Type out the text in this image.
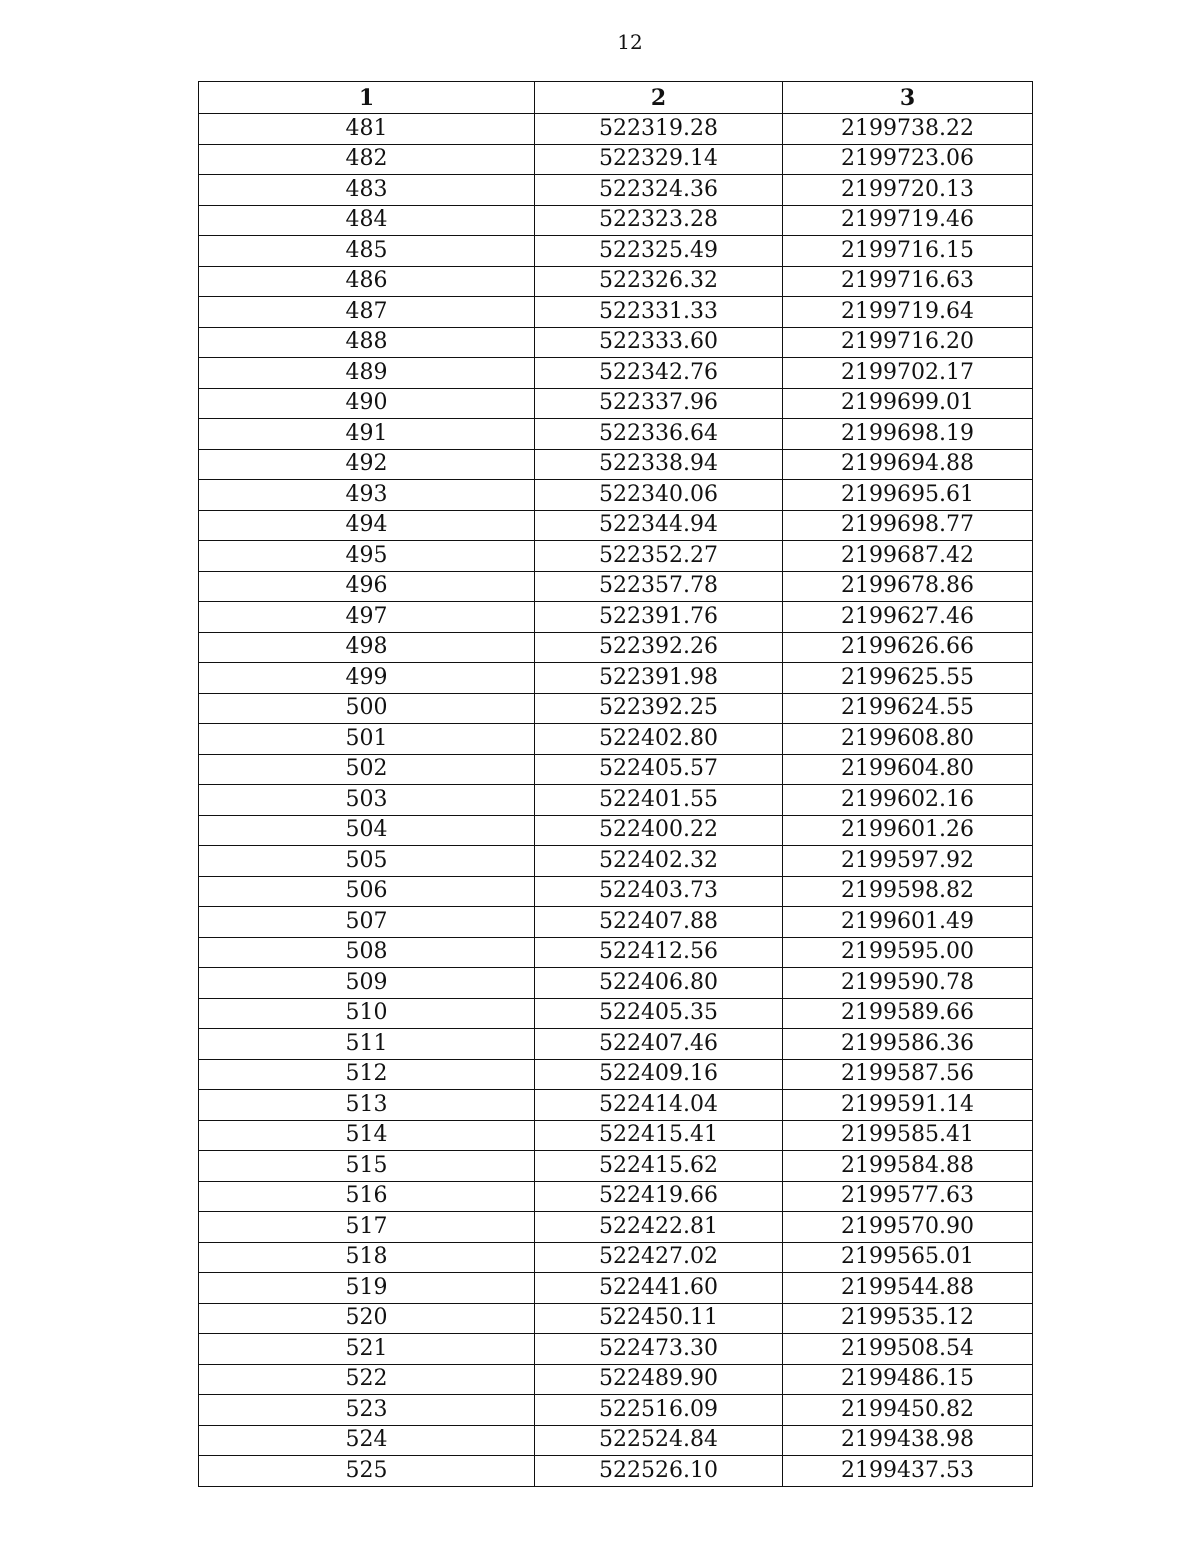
12
1	2	3
481	522319.28	2199738.22
482	522329.14	2199723.06
483	522324.36	2199720.13
484	522323.28	2199719.46
485	522325.49	2199716.15
486	522326.32	2199716.63
487	522331.33	2199719.64
488	522333.60	2199716.20
489	522342.76	2199702.17
490	522337.96	2199699.01
491	522336.64	2199698.19
492	522338.94	2199694.88
493	522340.06	2199695.61
494	522344.94	2199698.77
495	522352.27	2199687.42
496	522357.78	2199678.86
497	522391.76	2199627.46
498	522392.26	2199626.66
499	522391.98	2199625.55
500	522392.25	2199624.55
501	522402.80	2199608.80
502	522405.57	2199604.80
503	522401.55	2199602.16
504	522400.22	2199601.26
505	522402.32	2199597.92
506	522403.73	2199598.82
507	522407.88	2199601.49
508	522412.56	2199595.00
509	522406.80	2199590.78
510	522405.35	2199589.66
511	522407.46	2199586.36
512	522409.16	2199587.56
513	522414.04	2199591.14
514	522415.41	2199585.41
515	522415.62	2199584.88
516	522419.66	2199577.63
517	522422.81	2199570.90
518	522427.02	2199565.01
519	522441.60	2199544.88
520	522450.11	2199535.12
521	522473.30	2199508.54
522	522489.90	2199486.15
523	522516.09	2199450.82
524	522524.84	2199438.98
525	522526.10	2199437.53
